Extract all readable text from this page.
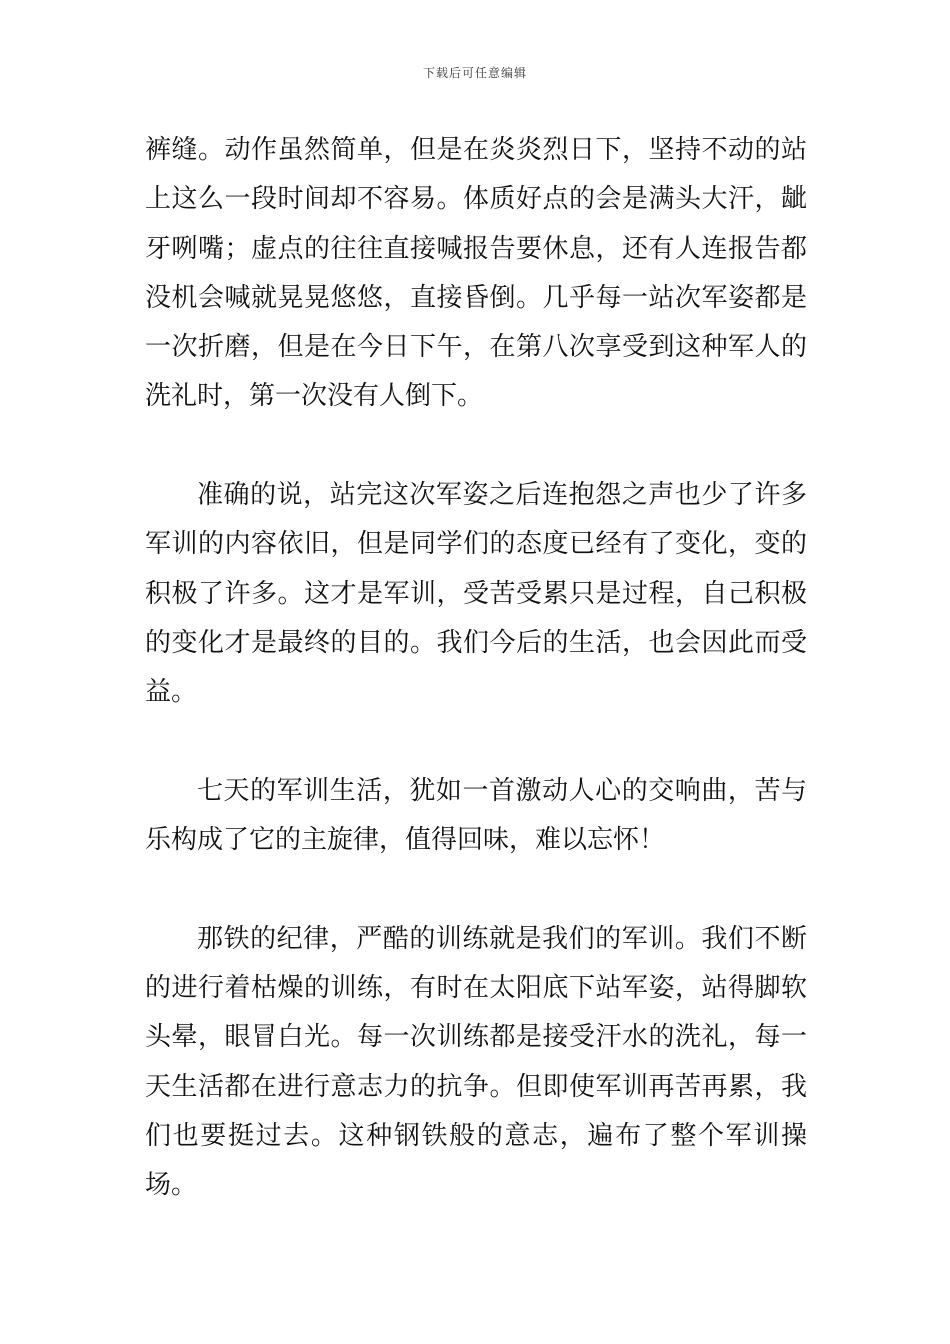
下载后可任意编辑

裤缝。动作虽然简单，但是在炎炎烈日下，坚持不动的站上这么一段时间却不容易。体质好点的会是满头大汗，龇牙咧嘴；虚点的往往直接喊报告要休息，还有人连报告都没机会喊就晃晃悠悠，直接昏倒。几乎每一站次军姿都是一次折磨，但是在今日下午，在第八次享受到这种军人的洗礼时，第一次没有人倒下。

准确的说，站完这次军姿之后连抱怨之声也少了许多军训的内容依旧，但是同学们的态度已经有了变化，变的积极了许多。这才是军训，受苦受累只是过程，自己积极的变化才是最终的目的。我们今后的生活，也会因此而受益。

七天的军训生活，犹如一首激动人心的交响曲，苦与乐构成了它的主旋律，值得回味，难以忘怀！

那铁的纪律，严酷的训练就是我们的军训。我们不断的进行着枯燥的训练，有时在太阳底下站军姿，站得脚软头晕，眼冒白光。每一次训练都是接受汗水的洗礼，每一天生活都在进行意志力的抗争。但即使军训再苦再累，我们也要挺过去。这种钢铁般的意志，遍布了整个军训操场。
